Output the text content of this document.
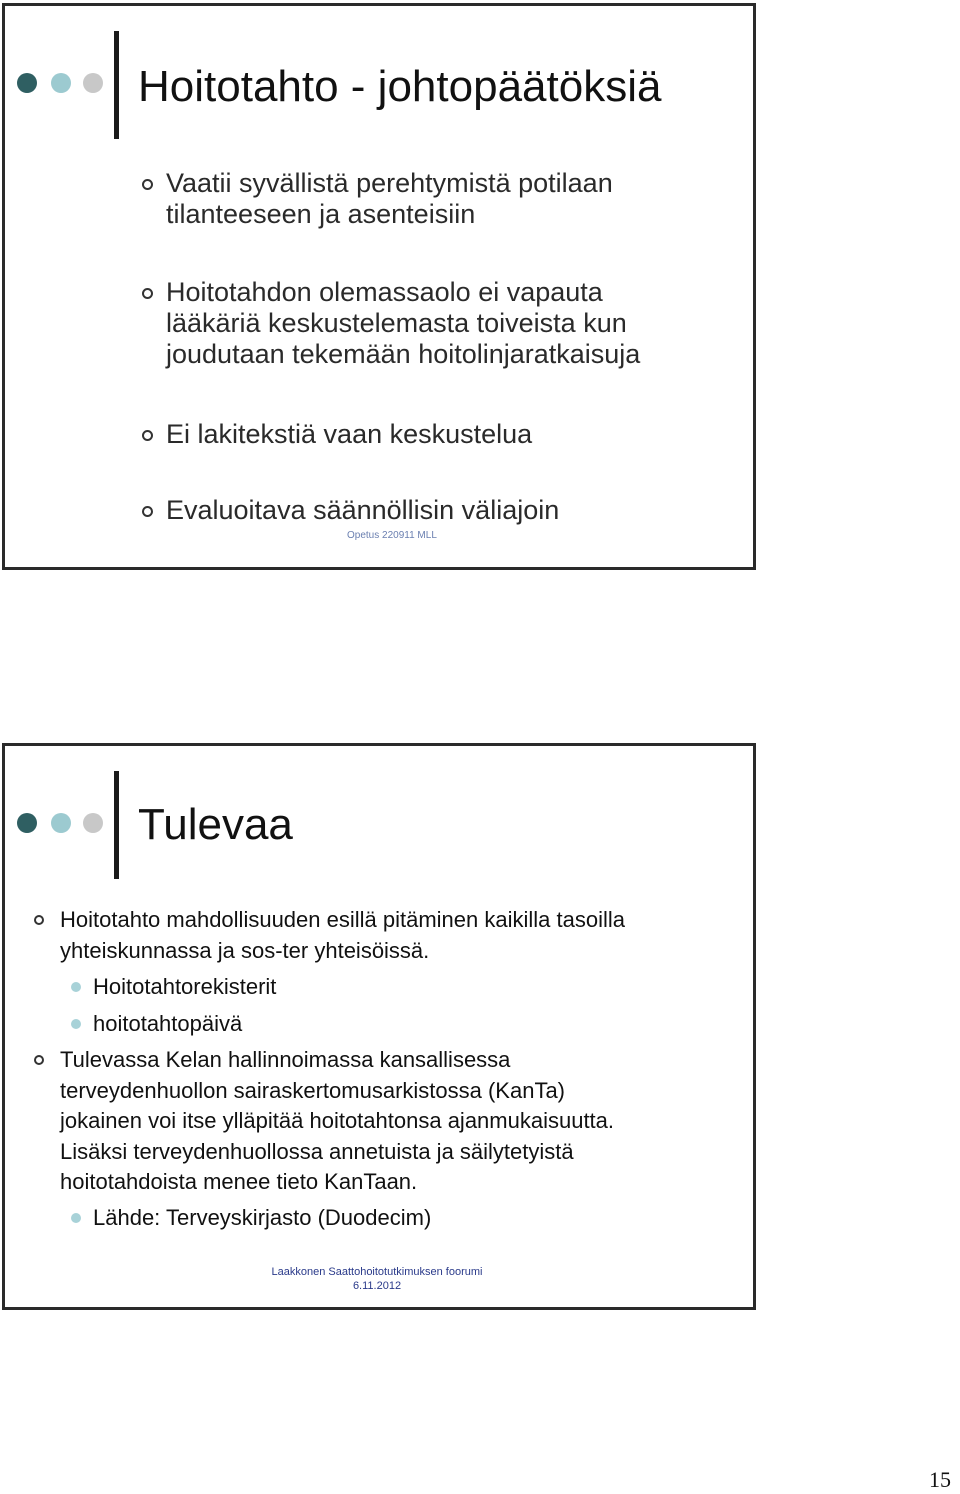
Hoitotahto - johtopäätöksiä
Vaatii syvällistä perehtymistä potilaan
tilanteeseen ja asenteisiin
Hoitotahdon olemassaolo ei vapauta
lääkäriä keskustelemasta toiveista kun
joudutaan tekemään hoitolinjaratkaisuja
Ei lakitekstiä vaan keskustelua
Evaluoitava säännöllisin väliajoin
Opetus 220911 MLL
Tulevaa
Hoitotahto mahdollisuuden esillä pitäminen kaikilla tasoilla
yhteiskunnassa ja sos-ter yhteisöissä.
Hoitotahtorekisterit
hoitotahtopäivä
Tulevassa Kelan hallinnoimassa kansallisessa
terveydenhuollon sairaskertomusarkistossa (KanTa)
jokainen voi itse ylläpitää hoitotahtonsa ajanmukaisuutta.
Lisäksi terveydenhuollossa annetuista ja säilytetyistä
hoitotahdoista menee tieto KanTaan.
Lähde: Terveyskirjasto (Duodecim)
Laakkonen Saattohoitotutkimuksen foorumi
6.11.2012
15
